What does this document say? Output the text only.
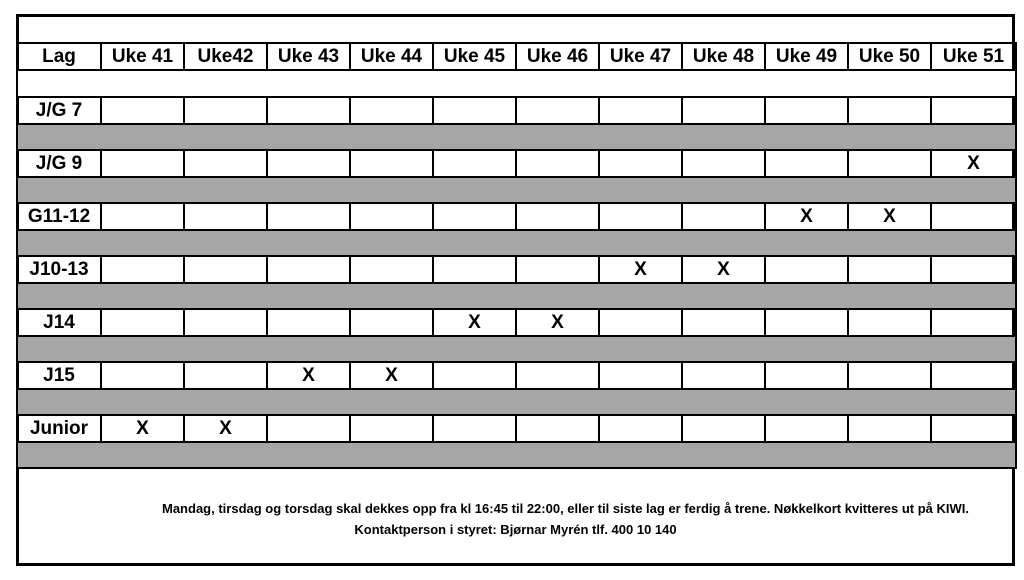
Lag	Uke 41	Uke42	Uke 43	Uke 44	Uke 45	Uke 46	Uke 47	Uke 48	Uke 49	Uke 50	Uke 51

J/G 7											

J/G 9											X

G11-12									X	X	

J10-13							X	X			

J14					X	X					

J15			X	X							

Junior	X	X									

Mandag, tirsdag og torsdag skal dekkes opp fra kl 16:45 til 22:00, eller til siste lag er ferdig å trene. Nøkkelkort kvitteres ut på KIWI.
Kontaktperson i styret: Bjørnar Myrén tlf. 400 10 140
